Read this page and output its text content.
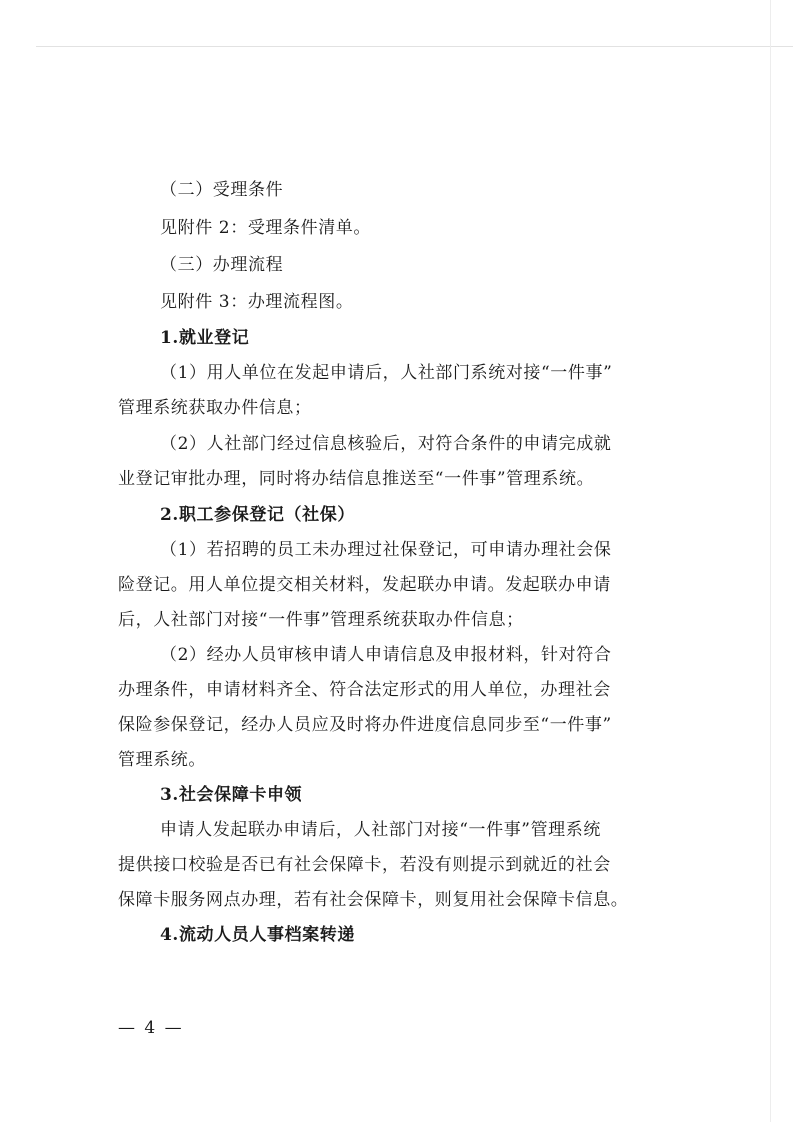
（二）受理条件
见附件 2：受理条件清单。
（三）办理流程
见附件 3：办理流程图。
1.就业登记
（1）用人单位在发起申请后，人社部门系统对接“一件事”
管理系统获取办件信息；
（2）人社部门经过信息核验后，对符合条件的申请完成就
业登记审批办理，同时将办结信息推送至“一件事”管理系统。
2.职工参保登记（社保）
（1）若招聘的员工未办理过社保登记，可申请办理社会保
险登记。用人单位提交相关材料，发起联办申请。发起联办申请
后，人社部门对接“一件事”管理系统获取办件信息；
（2）经办人员审核申请人申请信息及申报材料，针对符合
办理条件，申请材料齐全、符合法定形式的用人单位，办理社会
保险参保登记，经办人员应及时将办件进度信息同步至“一件事”
管理系统。
3.社会保障卡申领
申请人发起联办申请后，人社部门对接“一件事”管理系统
提供接口校验是否已有社会保障卡，若没有则提示到就近的社会
保障卡服务网点办理，若有社会保障卡，则复用社会保障卡信息。
4.流动人员人事档案转递
— 4 —
